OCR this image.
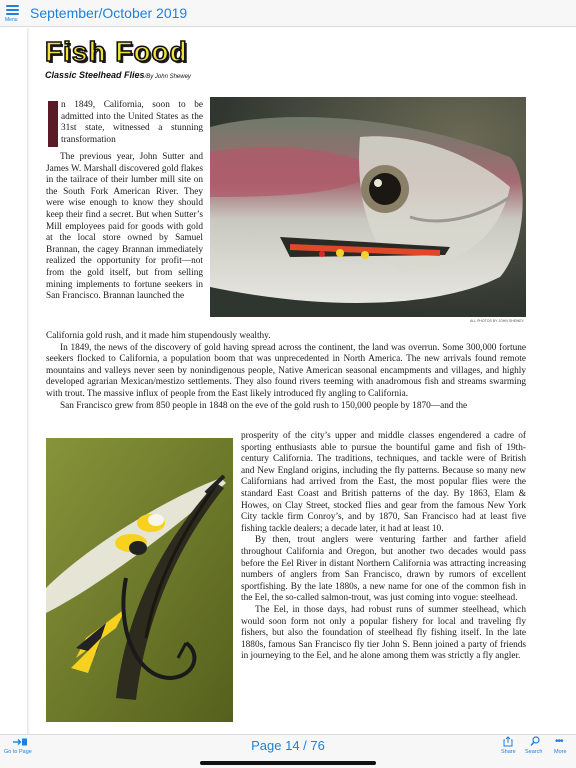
Menu September/October 2019
Fish Food
Classic Steelhead Flies/By John Shewey
ALL PHOTOS BY JOHN SHEWEY

n 1849, California, soon to be admitted into the United States as the 31st state, witnessed a stunning transformation

The previous year, John Sutter and James W. Marshall discovered gold flakes in the tailrace of their lumber mill site on the South Fork American River. They were wise enough to know they should keep their find a secret. But when Sutter’s Mill employees paid for goods with gold at the local store owned by Samuel Brannan, the cagey Brannan immediately realized the opportunity for profit—not from the gold itself, but from selling mining implements to fortune seekers in San Francisco. Brannan launched the

California gold rush, and it made him stupendously wealthy.

In 1849, the news of the discovery of gold having spread across the continent, the land was overrun. Some 300,000 fortune seekers flocked to California, a population boom that was unprecedented in North America. The new arrivals found remote mountains and valleys never seen by nonindigenous people, Native American seasonal encampments and villages, and highly developed agrarian Mexican/mestizo settlements. They also found rivers teeming with anadromous fish and streams swarming with trout. The massive influx of people from the East likely introduced fly angling to California.

San Francisco grew from 850 people in 1848 on the eve of the gold rush to 150,000 people by 1870—and the

prosperity of the city’s upper and middle classes engendered a cadre of sporting enthusiasts able to pursue the bountiful game and fish of 19th-century California. The traditions, techniques, and tackle were of British and New England origins, including the fly patterns. Because so many new Californians had arrived from the East, the most popular flies were the standard East Coast and British patterns of the day. By 1863, Elam & Howes, on Clay Street, stocked flies and gear from the famous New York City tackle firm Conroy’s, and by 1870, San Francisco had at least five fishing tackle dealers; a decade later, it had at least 10.

By then, trout anglers were venturing farther and farther afield throughout California and Oregon, but another two decades would pass before the Eel River in distant Northern California was attracting increasing numbers of anglers from San Francisco, drawn by rumors of excellent sportfishing. By the late 1880s, a new name for one of the common fish in the Eel, the so-called salmon-trout, was just coming into vogue: steelhead.

The Eel, in those days, had robust runs of summer steelhead, which would soon form not only a popular fishery for local and traveling fly fishers, but also the foundation of steelhead fly fishing itself. In the late 1880s, famous San Francisco fly tier John S. Benn joined a party of friends in journeying to the Eel, and he alone among them was strictly a fly angler.

Go to Page	Page 14 / 76	Share Search
•••
More
